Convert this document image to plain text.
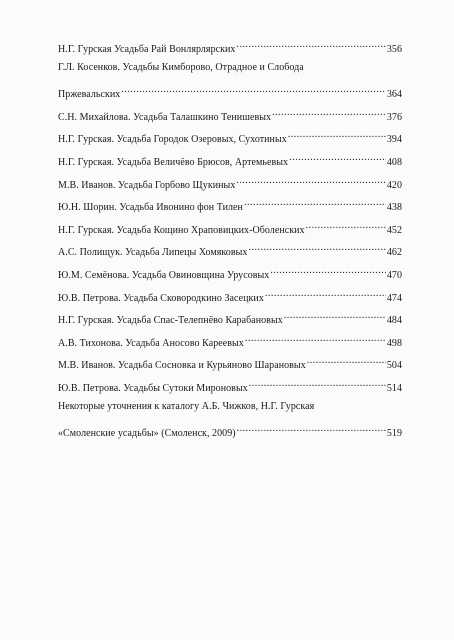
Н.Г. Гурская Усадьба Рай Вонлярлярских .....	356
Г.Л. Косенков. Усадьбы Кимборово, Отрадное и Слобода
Пржевальских .....	364
С.Н. Михайлова. Усадьба Талашкино Тенишевых .....	376
Н.Г. Гурская. Усадьба Городок Озеровых, Сухотиных .....	394
Н.Г. Гурская. Усадьба Величёво Брюсов, Артемьевых .....	408
М.В. Иванов. Усадьба Горбово Щукиных .....	420
Ю.Н. Шорин. Усадьба Ивонино фон Тилен .....	438
Н.Г. Гурская. Усадьба Кощино Храповицких-Оболенских .....	452
А.С. Полищук. Усадьба Липецы Хомяковых .....	462
Ю.М. Семёнова. Усадьба Овиновщина Урусовых .....	470
Ю.В. Петрова. Усадьба Сковородкино Засецких .....	474
Н.Г. Гурская. Усадьба Спас-Телепнёво Карабановых .....	484
А.В. Тихонова. Усадьба Аносово Кареевых .....	498
М.В. Иванов. Усадьба Сосновка и Курьяново Шарановых .....	504
Ю.В. Петрова. Усадьбы Сутоки Мироновых .....	514
Некоторые уточнения к каталогу А.Б. Чижков, Н.Г. Гурская
«Смоленские усадьбы» (Смоленск, 2009) .....	519
